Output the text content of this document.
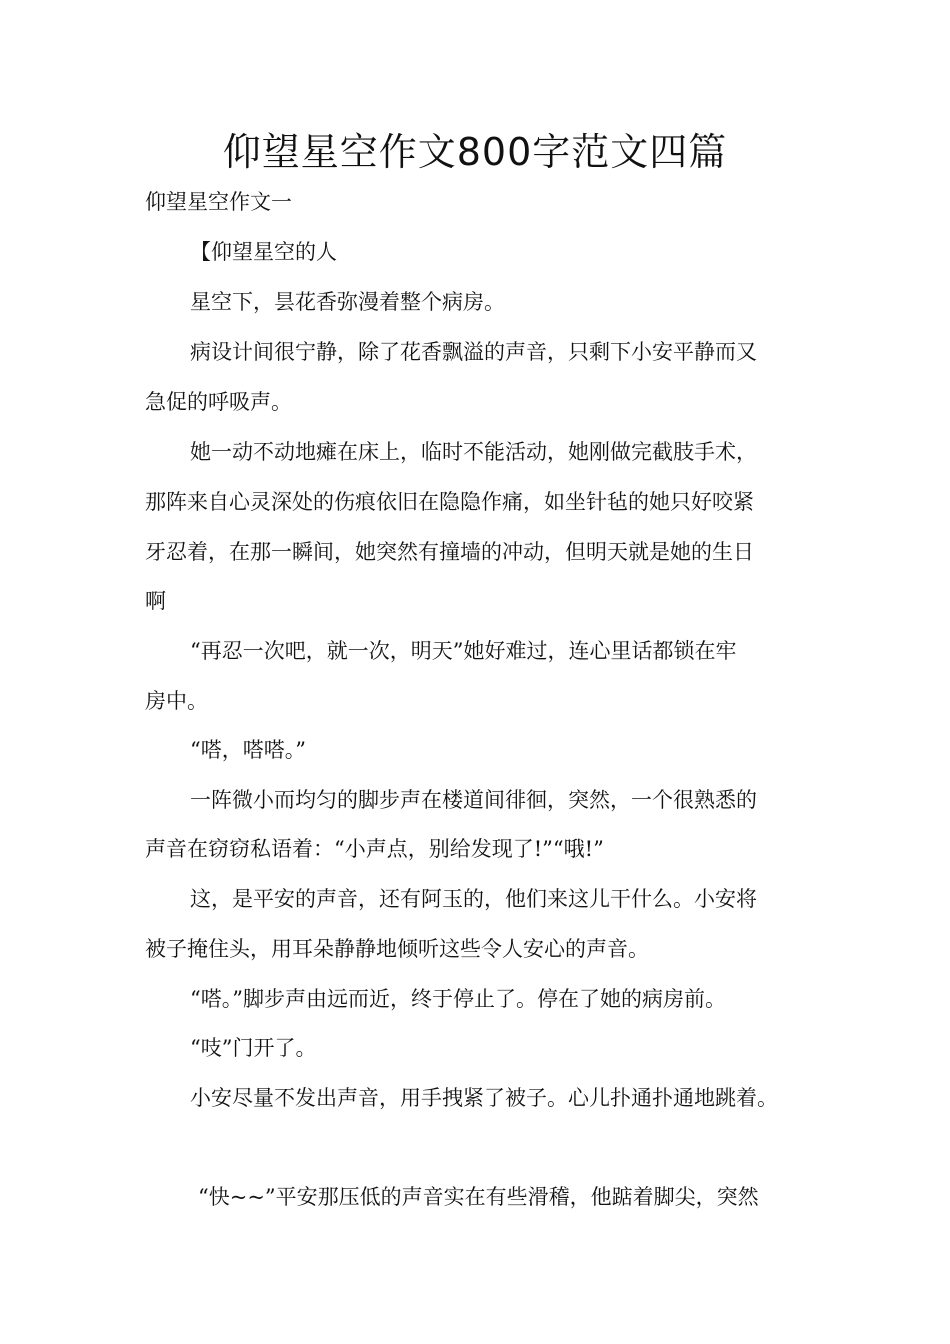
仰望星空作文800字范文四篇

仰望星空作文一

【仰望星空的人

星空下，昙花香弥漫着整个病房。

病设计间很宁静，除了花香飘溢的声音，只剩下小安平静而又

急促的呼吸声。

她一动不动地瘫在床上，临时不能活动，她刚做完截肢手术，

那阵来自心灵深处的伤痕依旧在隐隐作痛，如坐针毡的她只好咬紧

牙忍着，在那一瞬间，她突然有撞墙的冲动，但明天就是她的生日

啊

“再忍一次吧，就一次，明天”她好难过，连心里话都锁在牢

房中。

“嗒，嗒嗒。”

一阵微小而均匀的脚步声在楼道间徘徊，突然，一个很熟悉的

声音在窃窃私语着：“小声点，别给发现了!”“哦!”

这，是平安的声音，还有阿玉的，他们来这儿干什么。小安将

被子掩住头，用耳朵静静地倾听这些令人安心的声音。

“嗒。”脚步声由远而近，终于停止了。停在了她的病房前。

“吱”门开了。

小安尽量不发出声音，用手拽紧了被子。心儿扑通扑通地跳着。

“快~~”平安那压低的声音实在有些滑稽，他踮着脚尖，突然
